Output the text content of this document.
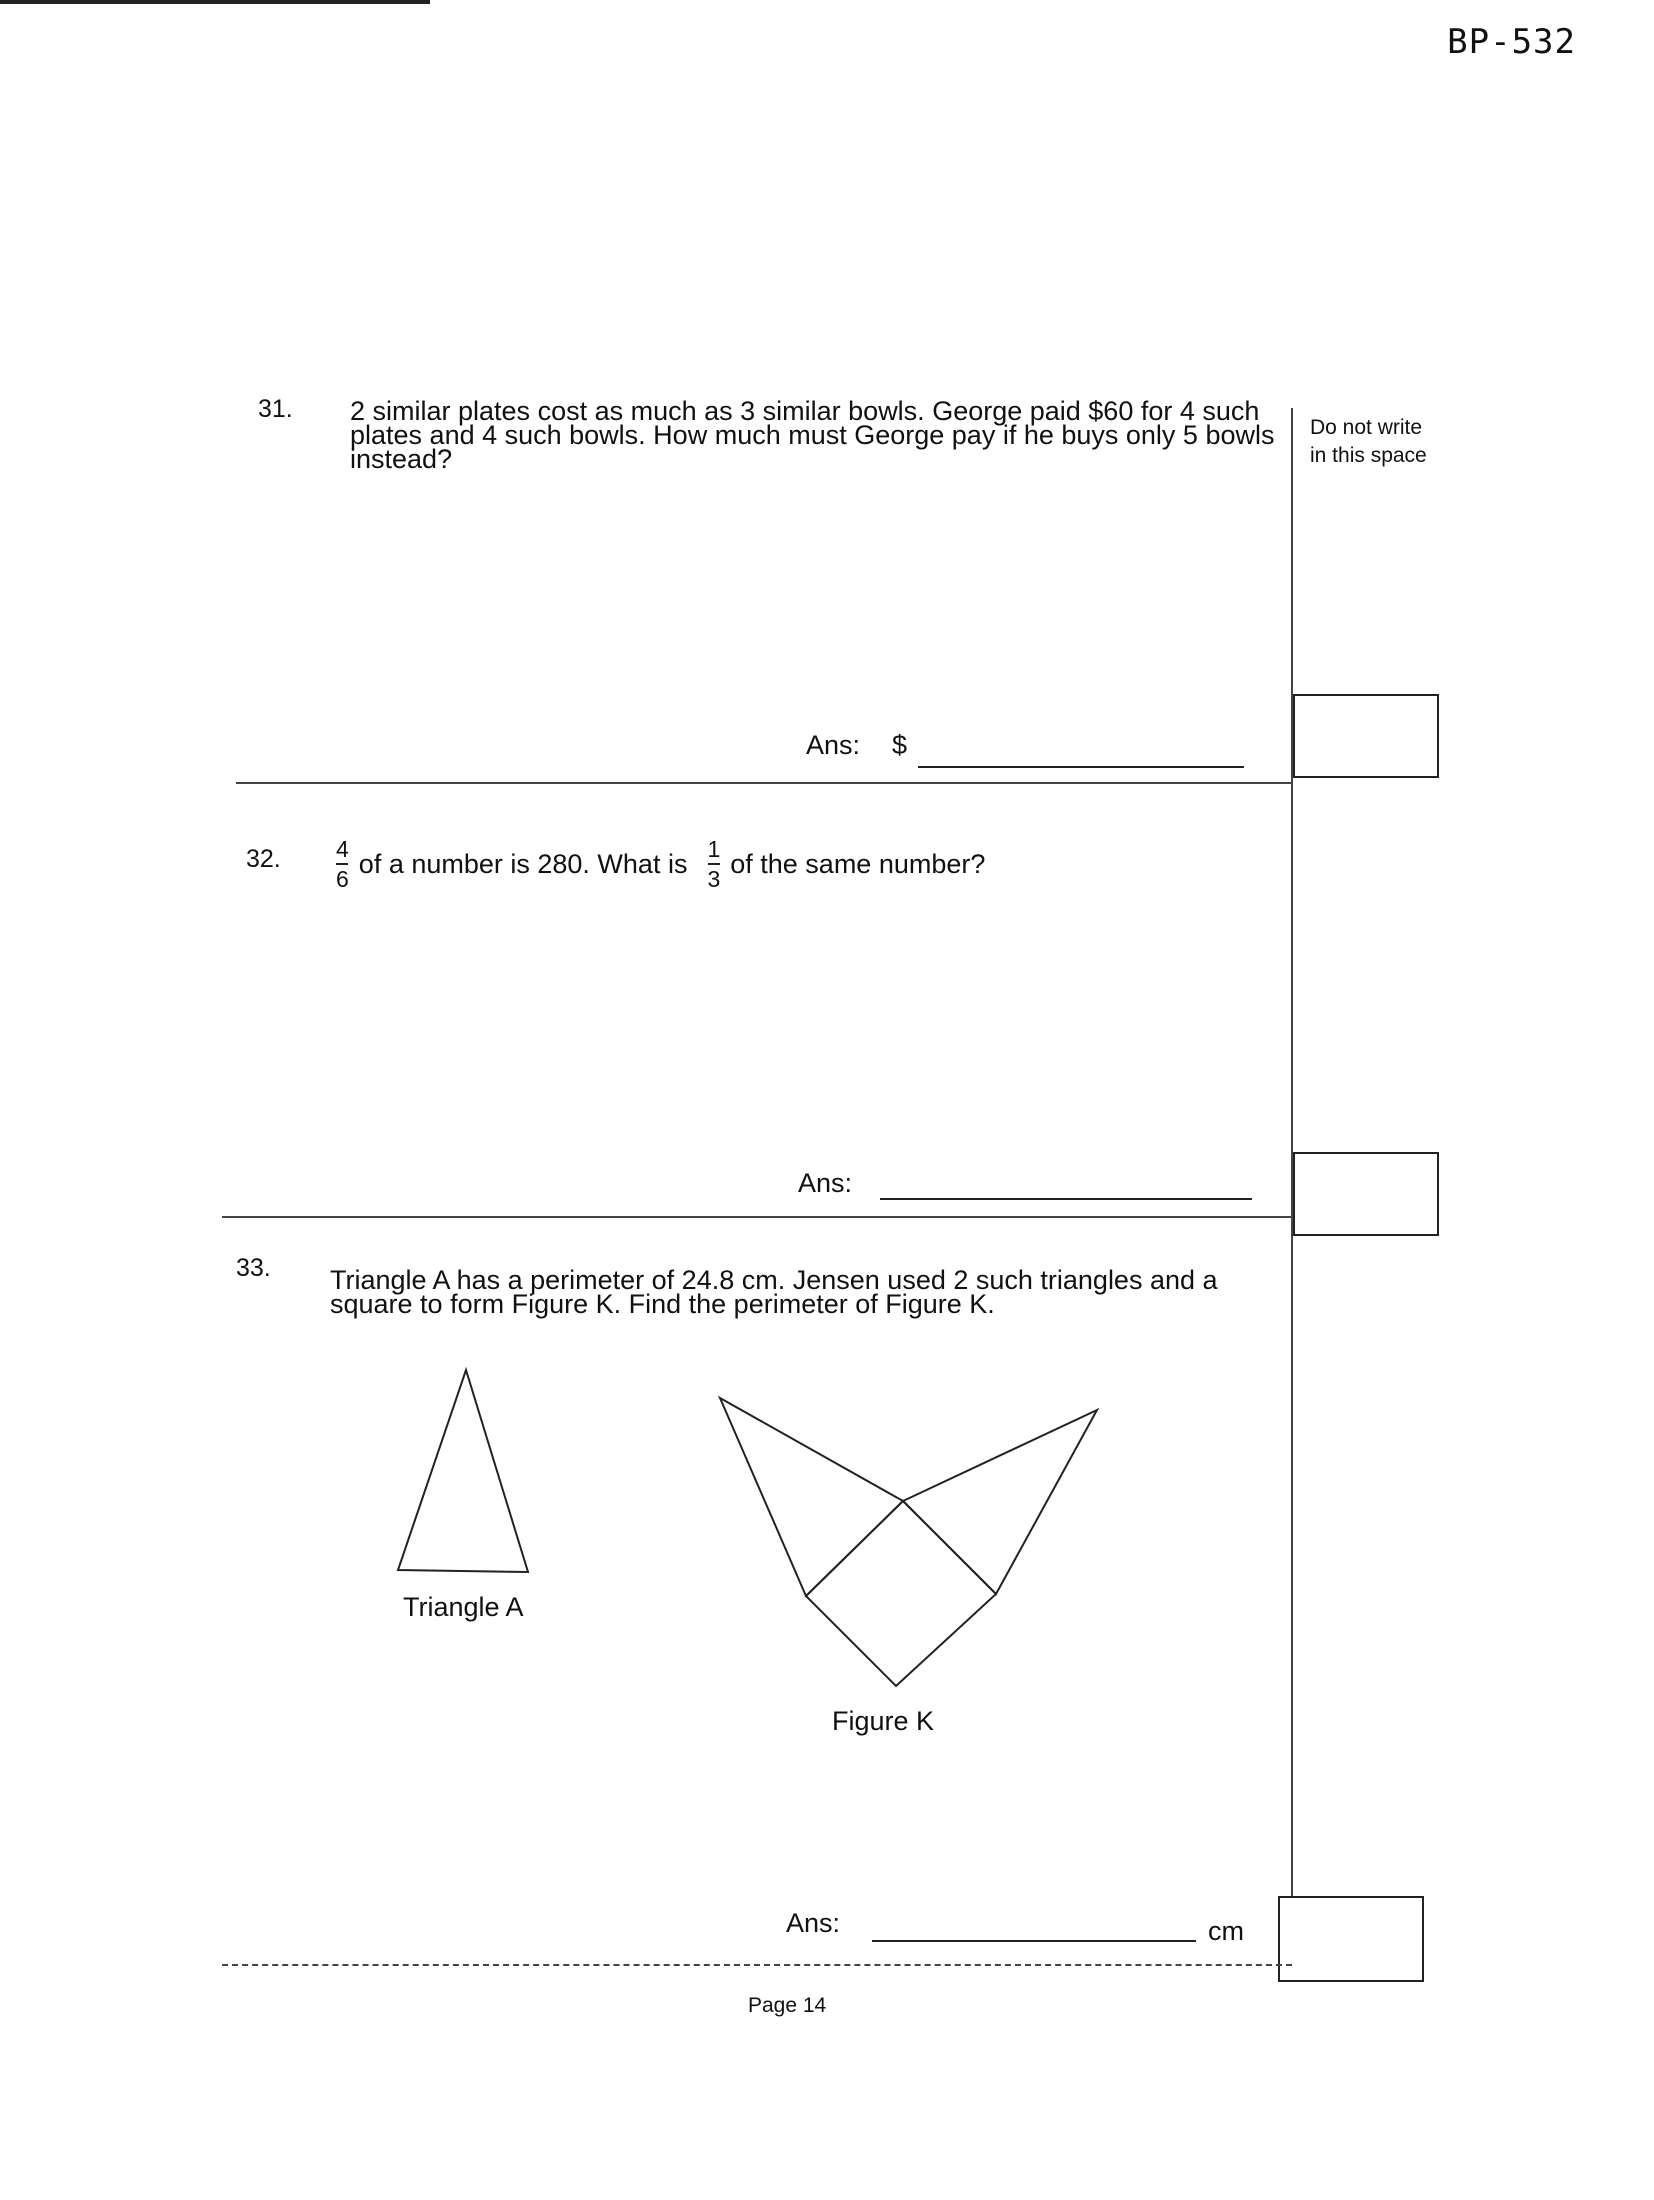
BP-532
Do not write
in this space
31. 2 similar plates cost as much as 3 similar bowls. George paid $60 for 4 such
plates and 4 such bowls. How much must George pay if he buys only 5 bowls
instead?
Ans: $
32. $\frac{4}{6}$ of a number is 280. What is $\frac{1}{3}$ of the same number?
Ans:
33. Triangle A has a perimeter of 24.8 cm. Jensen used 2 such triangles and a
square to form Figure K. Find the perimeter of Figure K.
Triangle A
Figure K
Ans:	cm
Page 14
